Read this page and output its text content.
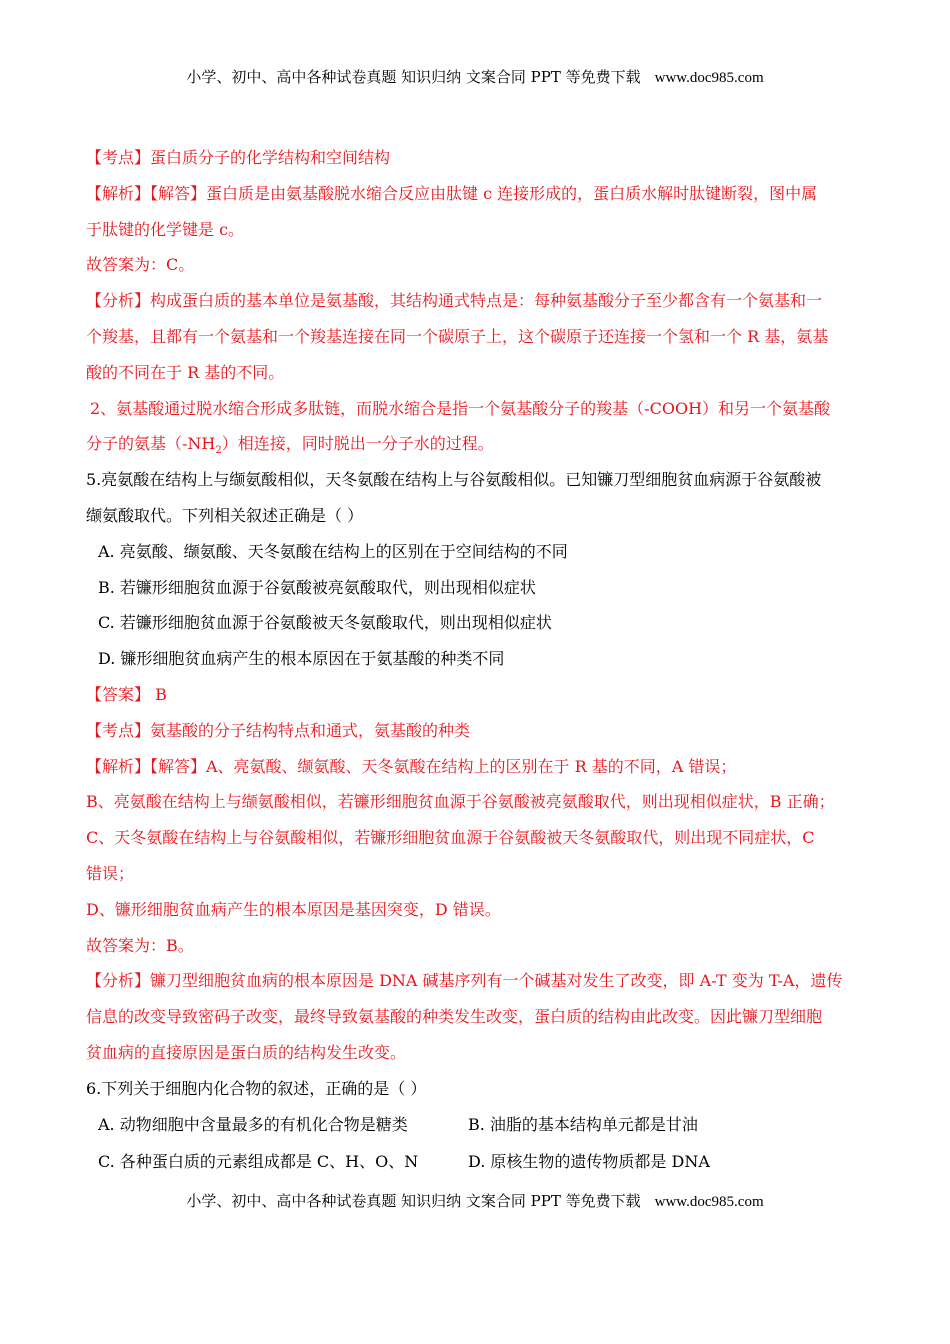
小学、初中、高中各种试卷真题 知识归纳 文案合同 PPT 等免费下载 www.doc985.com
【考点】蛋白质分子的化学结构和空间结构
【解析】【解答】蛋白质是由氨基酸脱水缩合反应由肽键 c 连接形成的，蛋白质水解时肽键断裂，图中属
于肽键的化学键是 c。
故答案为：C。
【分析】构成蛋白质的基本单位是氨基酸，其结构通式特点是：每种氨基酸分子至少都含有一个氨基和一
个羧基，且都有一个氨基和一个羧基连接在同一个碳原子上，这个碳原子还连接一个氢和一个 R 基，氨基
酸的不同在于 R 基的不同。
2、氨基酸通过脱水缩合形成多肽链，而脱水缩合是指一个氨基酸分子的羧基（-COOH）和另一个氨基酸
分子的氨基$(-NH_2)$相连接，同时脱出一分子水的过程。
5.亮氨酸在结构上与缬氨酸相似，天冬氨酸在结构上与谷氨酸相似。已知镰刀型细胞贫血病源于谷氨酸被
缬氨酸取代。下列相关叙述正确是（ ）
A. 亮氨酸、缬氨酸、天冬氨酸在结构上的区别在于空间结构的不同
B. 若镰形细胞贫血源于谷氨酸被亮氨酸取代，则出现相似症状
C. 若镰形细胞贫血源于谷氨酸被天冬氨酸取代，则出现相似症状
D. 镰形细胞贫血病产生的根本原因在于氨基酸的种类不同
【答案】 B
【考点】氨基酸的分子结构特点和通式，氨基酸的种类
【解析】【解答】A、亮氨酸、缬氨酸、天冬氨酸在结构上的区别在于 R 基的不同，A 错误；
B、亮氨酸在结构上与缬氨酸相似，若镰形细胞贫血源于谷氨酸被亮氨酸取代，则出现相似症状，B 正确；
C、天冬氨酸在结构上与谷氨酸相似，若镰形细胞贫血源于谷氨酸被天冬氨酸取代，则出现不同症状，C
错误；
D、镰形细胞贫血病产生的根本原因是基因突变，D 错误。
故答案为：B。
【分析】镰刀型细胞贫血病的根本原因是 DNA 碱基序列有一个碱基对发生了改变，即 A-T 变为 T-A，遗传
信息的改变导致密码子改变，最终导致氨基酸的种类发生改变，蛋白质的结构由此改变。因此镰刀型细胞
贫血病的直接原因是蛋白质的结构发生改变。
6.下列关于细胞内化合物的叙述，正确的是（ ）
A. 动物细胞中含量最多的有机化合物是糖类	B. 油脂的基本结构单元都是甘油
C. 各种蛋白质的元素组成都是 C、H、O、N	D. 原核生物的遗传物质都是 DNA
小学、初中、高中各种试卷真题 知识归纳 文案合同 PPT 等免费下载 www.doc985.com
